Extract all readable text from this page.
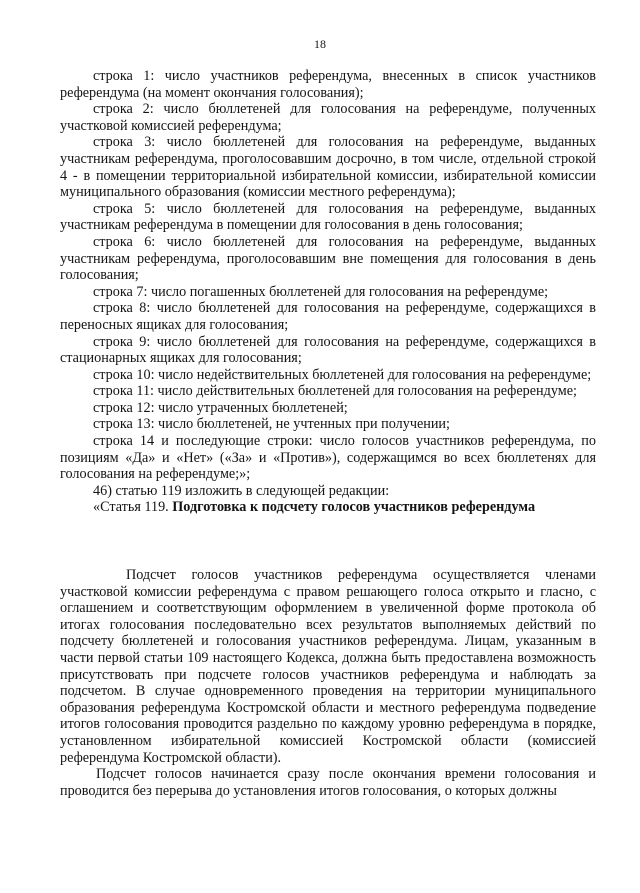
18

строка 1: число участников референдума, внесенных в список участников референдума (на момент окончания голосования);

строка 2: число бюллетеней для голосования на референдуме, полученных участковой комиссией референдума;

строка 3: число бюллетеней для голосования на референдуме, выданных участникам референдума, проголосовавшим досрочно, в том числе, отдельной строкой 4 - в помещении территориальной избирательной комиссии, избирательной комиссии муниципального образования (комиссии местного референдума);

строка 5: число бюллетеней для голосования на референдуме, выданных участникам референдума в помещении для голосования в день голосования;

строка 6: число бюллетеней для голосования на референдуме, выданных участникам референдума, проголосовавшим вне помещения для голосования в день голосования;

строка 7: число погашенных бюллетеней для голосования на референдуме;

строка 8: число бюллетеней для голосования на референдуме, содержащихся в переносных ящиках для голосования;

строка 9: число бюллетеней для голосования на референдуме, содержащихся в стационарных ящиках для голосования;

строка 10: число недействительных бюллетеней для голосования на референдуме;

строка 11: число действительных бюллетеней для голосования на референдуме;

строка 12: число утраченных бюллетеней;

строка 13: число бюллетеней, не учтенных при получении;

строка 14 и последующие строки: число голосов участников референдума, по позициям «Да» и «Нет» («За» и «Против»), содержащимся во всех бюллетенях для голосования на референдуме;»;

46) статью 119 изложить в следующей редакции:

«Статья 119. Подготовка к подсчету голосов участников референдума

Подсчет голосов участников референдума осуществляется членами участковой комиссии референдума с правом решающего голоса открыто и гласно, с оглашением и соответствующим оформлением в увеличенной форме протокола об итогах голосования последовательно всех результатов выполняемых действий по подсчету бюллетеней и голосования участников референдума. Лицам, указанным в части первой статьи 109 настоящего Кодекса, должна быть предоставлена возможность присутствовать при подсчете голосов участников референдума и наблюдать за подсчетом. В случае одновременного проведения на территории муниципального образования референдума Костромской области и местного референдума подведение итогов голосования проводится раздельно по каждому уровню референдума в порядке, установленном избирательной комиссией Костромской области (комиссией референдума Костромской области).

Подсчет голосов начинается сразу после окончания времени голосования и проводится без перерыва до установления итогов голосования, о которых должны
